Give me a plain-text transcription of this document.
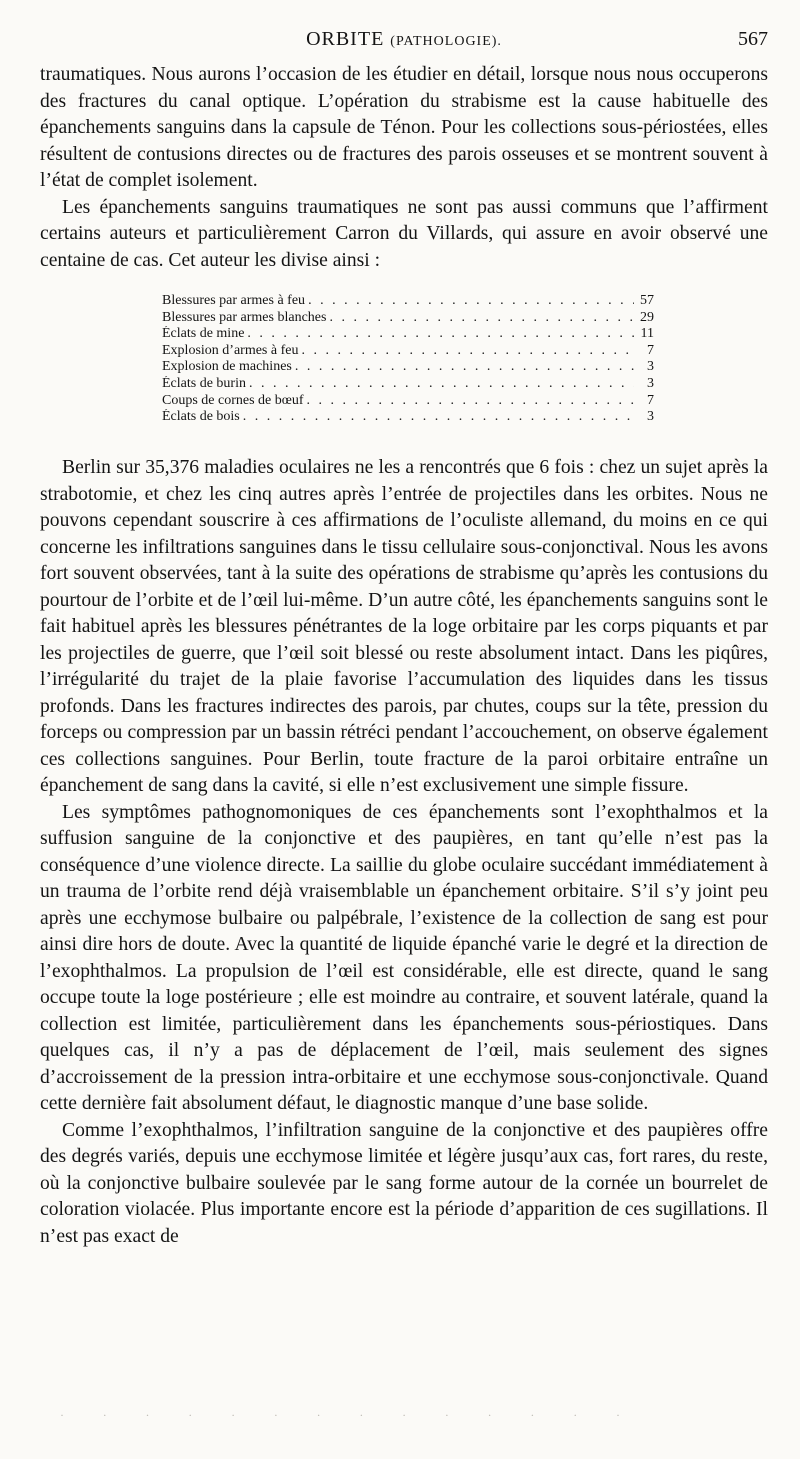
ORBITE (PATHOLOGIE).	567

traumatiques. Nous aurons l’occasion de les étudier en détail, lorsque nous nous occuperons des fractures du canal optique. L’opération du strabisme est la cause habituelle des épanchements sanguins dans la capsule de Ténon. Pour les collections sous-périostées, elles résultent de contusions directes ou de fractures des parois osseuses et se montrent souvent à l’état de complet isolement.

Les épanchements sanguins traumatiques ne sont pas aussi communs que l’affirment certains auteurs et particulièrement Carron du Villards, qui assure en avoir observé une centaine de cas. Cet auteur les divise ainsi :

Blessures par armes à feu . . .	57
Blessures par armes blanches . . .	29
Éclats de mine . . .	11
Explosion d’armes à feu . . .	7
Explosion de machines . . .	3
Éclats de burin . . .	3
Coups de cornes de bœuf . . .	7
Éclats de bois . . .	3

Berlin sur 35,376 maladies oculaires ne les a rencontrés que 6 fois : chez un sujet après la strabotomie, et chez les cinq autres après l’entrée de projectiles dans les orbites. Nous ne pouvons cependant souscrire à ces affirmations de l’oculiste allemand, du moins en ce qui concerne les infiltrations sanguines dans le tissu cellulaire sous-conjonctival. Nous les avons fort souvent observées, tant à la suite des opérations de strabisme qu’après les contusions du pourtour de l’orbite et de l’œil lui-même. D’un autre côté, les épanchements sanguins sont le fait habituel après les blessures pénétrantes de la loge orbitaire par les corps piquants et par les projectiles de guerre, que l’œil soit blessé ou reste absolument intact. Dans les piqûres, l’irrégularité du trajet de la plaie favorise l’accumulation des liquides dans les tissus profonds. Dans les fractures indirectes des parois, par chutes, coups sur la tête, pression du forceps ou compression par un bassin rétréci pendant l’accouchement, on observe également ces collections sanguines. Pour Berlin, toute fracture de la paroi orbitaire entraîne un épanchement de sang dans la cavité, si elle n’est exclusivement une simple fissure.

Les symptômes pathognomoniques de ces épanchements sont l’exophthalmos et la suffusion sanguine de la conjonctive et des paupières, en tant qu’elle n’est pas la conséquence d’une violence directe. La saillie du globe oculaire succédant immédiatement à un trauma de l’orbite rend déjà vraisemblable un épanchement orbitaire. S’il s’y joint peu après une ecchymose bulbaire ou palpébrale, l’existence de la collection de sang est pour ainsi dire hors de doute. Avec la quantité de liquide épanché varie le degré et la direction de l’exophthalmos. La propulsion de l’œil est considérable, elle est directe, quand le sang occupe toute la loge postérieure ; elle est moindre au contraire, et souvent latérale, quand la collection est limitée, particulièrement dans les épanchements sous-périostiques. Dans quelques cas, il n’y a pas de déplacement de l’œil, mais seulement des signes d’accroissement de la pression intra-orbitaire et une ecchymose sous-conjonctivale. Quand cette dernière fait absolument défaut, le diagnostic manque d’une base solide.

Comme l’exophthalmos, l’infiltration sanguine de la conjonctive et des paupières offre des degrés variés, depuis une ecchymose limitée et légère jusqu’aux cas, fort rares, du reste, où la conjonctive bulbaire soulevée par le sang forme autour de la cornée un bourrelet de coloration violacée. Plus importante encore est la période d’apparition de ces sugillations. Il n’est pas exact de

·	·	·	·	·	·	·	·	·	·	·	·	·	·
